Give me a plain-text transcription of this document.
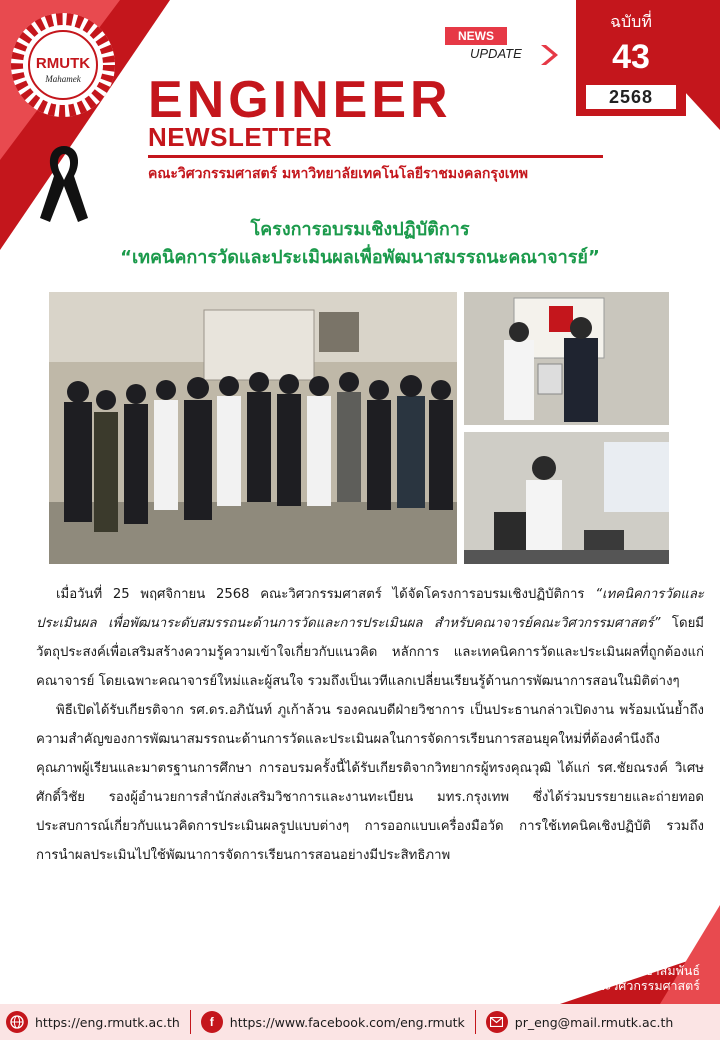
RMUTK
Mahamek
NEWS
UPDATE
ฉบับที่
43
2568
ENGINEER
NEWSLETTER
คณะวิศวกรรมศาสตร์ มหาวิทยาลัยเทคโนโลยีราชมงคลกรุงเทพ
โครงการอบรมเชิงปฏิบัติการ
“เทคนิคการวัดและประเมินผลเพื่อพัฒนาสมรรถนะคณาจารย์”

เมื่อวันที่ 25 พฤศจิกายน 2568 คณะวิศวกรรมศาสตร์ ได้จัดโครงการอบรมเชิงปฏิบัติการ “เทคนิคการวัดและประเมินผล เพื่อพัฒนาระดับสมรรถนะด้านการวัดและการประเมินผล สำหรับคณาจารย์คณะวิศวกรรมศาสตร์” โดยมีวัตถุประสงค์เพื่อเสริมสร้างความรู้ความเข้าใจเกี่ยวกับแนวคิด หลักการ และเทคนิคการวัดและประเมินผลที่ถูกต้องแก่คณาจารย์ โดยเฉพาะคณาจารย์ใหม่และผู้สนใจ รวมถึงเป็นเวทีแลกเปลี่ยนเรียนรู้ด้านการพัฒนาการสอนในมิติต่างๆ

พิธีเปิดได้รับเกียรติจาก รศ.ดร.อภินันท์ ภูเก้าล้วน รองคณบดีฝ่ายวิชาการ เป็นประธานกล่าวเปิดงาน พร้อมเน้นย้ำถึงความสำคัญของการพัฒนาสมรรถนะด้านการวัดและประเมินผลในการจัดการเรียนการสอนยุคใหม่ที่ต้องคำนึงถึงคุณภาพผู้เรียนและมาตรฐานการศึกษา การอบรมครั้งนี้ได้รับเกียรติจากวิทยากรผู้ทรงคุณวุฒิ ได้แก่ รศ.ชัยณรงค์ วิเศษศักดิ์วิชัย รองผู้อำนวยการสำนักส่งเสริมวิชาการและงานทะเบียน มทร.กรุงเทพ ซึ่งได้ร่วมบรรยายและถ่ายทอดประสบการณ์เกี่ยวกับแนวคิดการประเมินผลรูปแบบต่างๆ การออกแบบเครื่องมือวัด การใช้เทคนิคเชิงปฏิบัติ รวมถึงการนำผลประเมินไปใช้พัฒนาการจัดการเรียนการสอนอย่างมีประสิทธิภาพ

งานประชาสัมพันธ์
คณะวิศวกรรมศาสตร์
https://eng.rmutk.ac.th	f	https://www.facebook.com/eng.rmutk	pr_eng@mail.rmutk.ac.th
